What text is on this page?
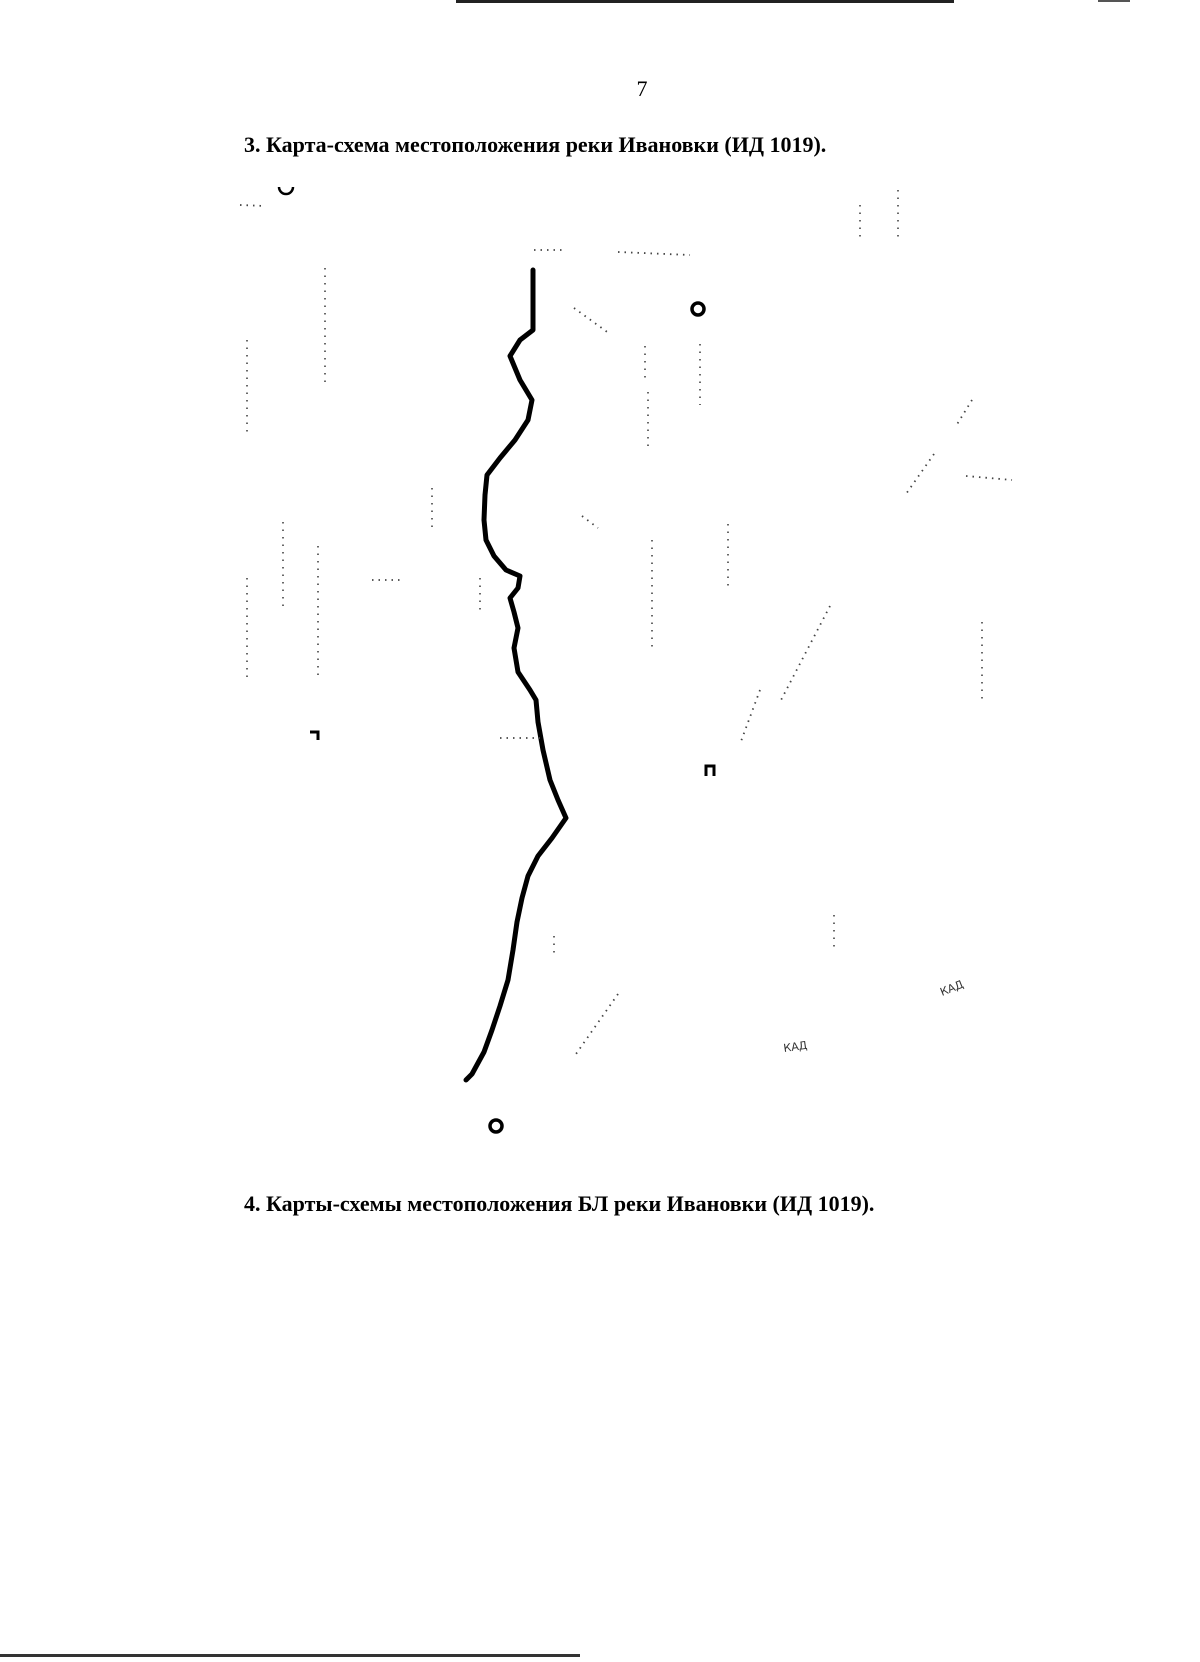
7
3. Карта-схема местоположения реки Ивановки (ИД 1019).
КАД
КАД
4. Карты-схемы местоположения БЛ реки Ивановки (ИД 1019).
